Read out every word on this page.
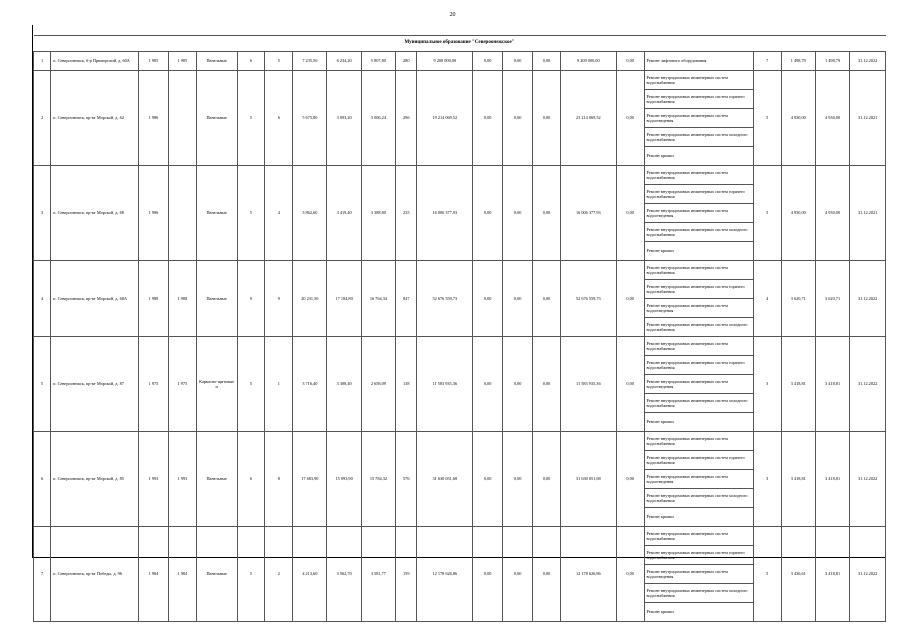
20
Муниципальное образование "Североонежское"																					
1	п. Североонежск, б-р Приморский, д. 60А	1 985	1 985	Панельные	6	5	7 235,50	6 234,20	5 807,80	280	9 200 000,00	0,00	0,00	0,00	9 200 000,00	0,00	Ремонт лифтового оборудования	7	1 498,79	1 498,79	31.12.2022
2	п. Североонежск, пр-кт Морской, д. 62	1 986		Панельные	5	6	5 675,80	3 093,20	3 006,24	296	19 214 069,52	0,00	0,00	0,00	23 214 069,52	0,00	Ремонт внутридомовых инженерных систем водоснабжения	5	4 930,00	4 930,00	31.12.2021
																	Ремонт внутридомовых инженерных систем горячего водоснабжения				
																	Ремонт внутридомовых инженерных систем водоотведения				
																	Ремонт внутридомовых инженерных систем холодного водоснабжения				
																	Ремонт крыши				
3	п. Североонежск, пр-кт Морской, д. 68	1 986		Панельные	5	4	3 862,60	3 419,40	3 388,80	235	16 006 377,93	0,00	0,00	0,00	16 006 377,93	0,00	Ремонт внутридомовых инженерных систем водоснабжения	5	4 930,00	4 930,00	31.12.2021
																	Ремонт внутридомовых инженерных систем горячего водоснабжения				
																	Ремонт внутридомовых инженерных систем водоотведения				
																	Ремонт внутридомовых инженерных систем холодного водоснабжения				
																	Ремонт крыши				
4	п. Североонежск, пр-кт Морской, д. 68А	1 988	1 988	Панельные	9	9	20 231,50	17 184,80	16 764,34	847	52 676 559,73	0,00	0,00	0,00	52 676 559,73	0,00	Ремонт внутридомовых инженерных систем водоснабжения	4	3 620,71	3 620,71	31.12.2022
																	Ремонт внутридомовых инженерных систем горячего водоснабжения				
																	Ремонт внутридомовых инженерных систем водоотведения				
																	Ремонт внутридомовых инженерных систем холодного водоснабжения				
5	п. Североонежск, пр-кт Морской, д. 87	1 975	1 975	Каркасно-щитовые и	5	1	3 716,40	3 308,40	2 658,09	138	11 583 935,36	0,00	0,00	0,00	11 583 935,36	0,00	Ремонт внутридомовых инженерных систем водоснабжения	3	3 418,81	3 418,81	31.12.2022
																	Ремонт внутридомовых инженерных систем горячего водоснабжения				
																	Ремонт внутридомовых инженерных систем водоотведения				
																	Ремонт внутридомовых инженерных систем холодного водоснабжения				
																	Ремонт крыши				
6	п. Североонежск, пр-кт Морской, д. 85	1 993	1 993	Панельные	6	8	17 683,90	15 093,90	15 784,32	576	31 630 051,68	0,00	0,00	0,00	31 630 051,68	0,00	Ремонт внутридомовых инженерных систем водоснабжения	3	3 418,81	3 418,81	31.12.2022
																	Ремонт внутридомовых инженерных систем горячего водоснабжения				
																	Ремонт внутридомовых инженерных систем водоотведения				
																	Ремонт внутридомовых инженерных систем холодного водоснабжения				
																	Ремонт крыши				
7	п. Североонежск, пр-кт Победы, д. 96	1 984	1 984	Панельные	5	2	4 213,60	3 562,70	3 581,77	159	12 178 626,86	0,00	0,00	0,00	12 178 626,86	0,00	Ремонт внутридомовых инженерных систем водоснабжения	5	3 436,61	3 418,81	31.12.2022
																	Ремонт внутридомовых инженерных систем горячего водоснабжения				
																	Ремонт внутридомовых инженерных систем водоотведения				
																	Ремонт внутридомовых инженерных систем холодного водоснабжения				
																	Ремонт крыши				
